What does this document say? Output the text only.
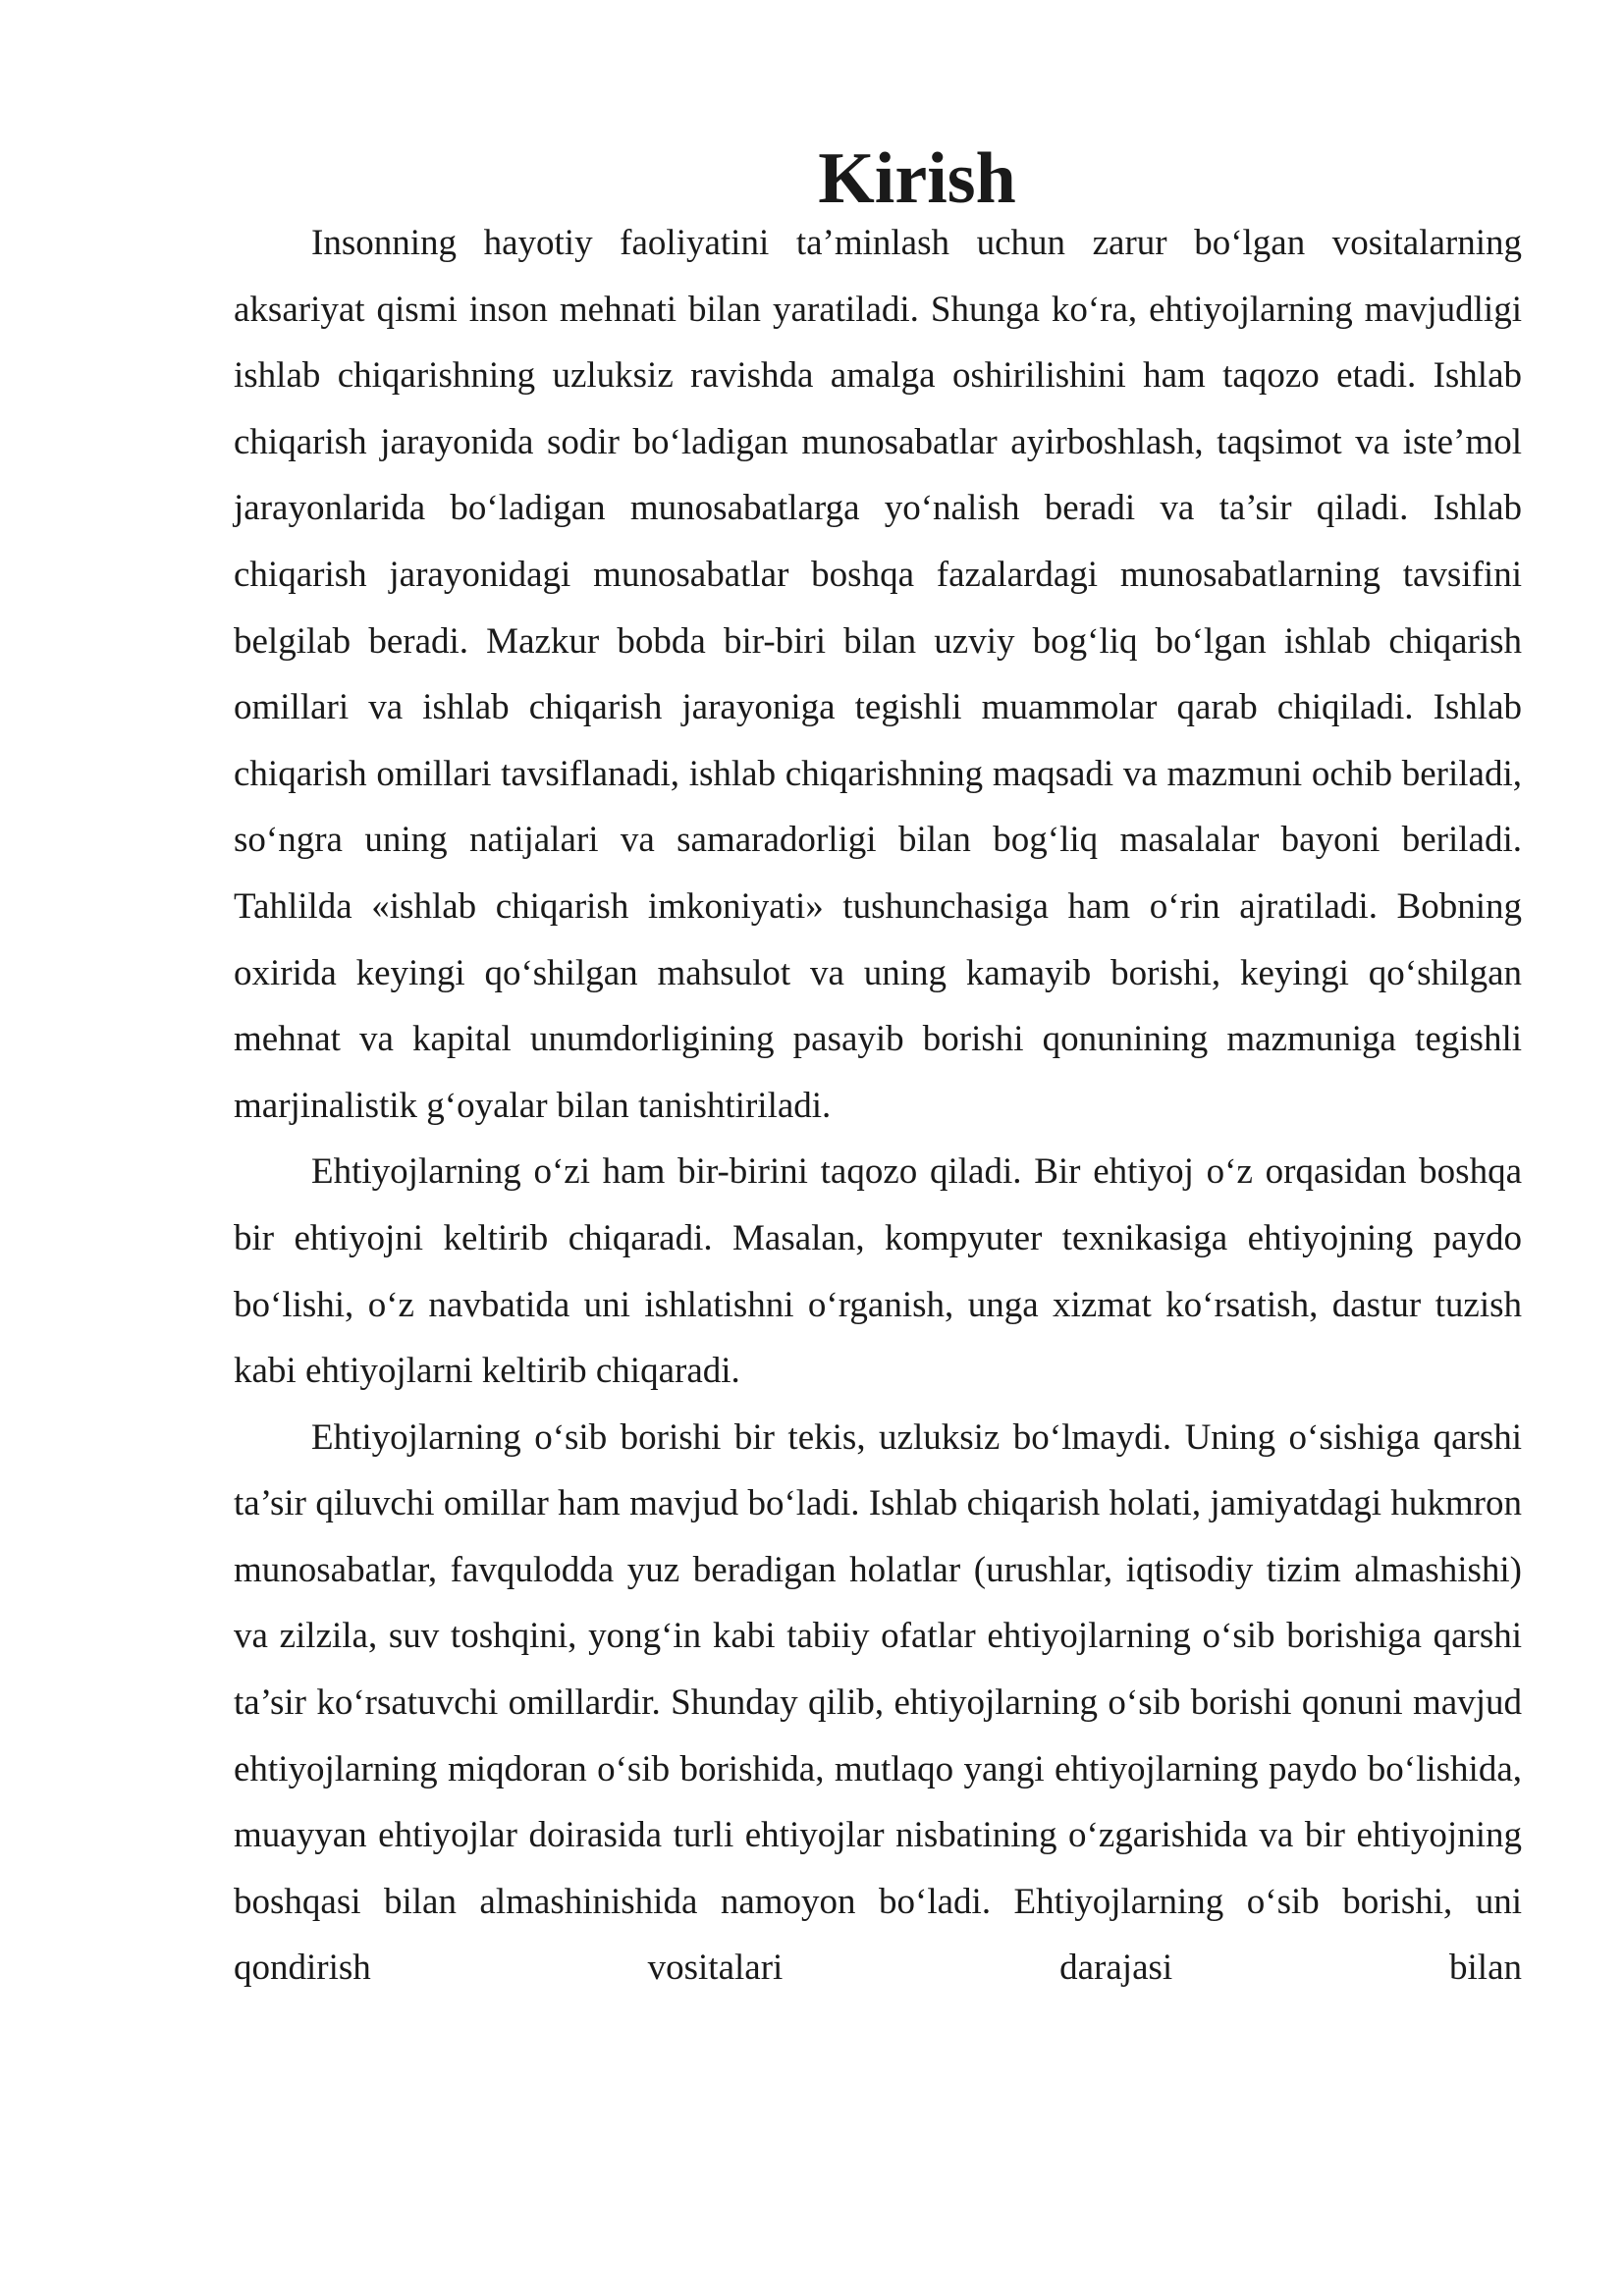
Kirish

Insonning hayotiy faoliyatini ta’minlash uchun zarur bo‘lgan vositalarning aksariyat qismi inson mehnati bilan yaratiladi. Shunga ko‘ra, ehtiyojlarning mavjudligi ishlab chiqarishning uzluksiz ravishda amalga oshirilishini ham taqozo etadi. Ishlab chiqarish jarayonida sodir bo‘ladigan munosabatlar ayirboshlash, taqsimot va iste’mol jarayonlarida bo‘ladigan munosabatlarga yo‘nalish beradi va ta’sir qiladi. Ishlab chiqarish jarayonidagi munosabatlar boshqa fazalardagi munosabatlarning tavsifini belgilab beradi. Mazkur bobda bir-biri bilan uzviy bog‘liq bo‘lgan ishlab chiqarish omillari va ishlab chiqarish jarayoniga tegishli muammolar qarab chiqiladi. Ishlab chiqarish omillari tavsiflanadi, ishlab chiqarishning maqsadi va mazmuni ochib beriladi, so‘ngra uning natijalari va samaradorligi bilan bog‘liq masalalar bayoni beriladi. Tahlilda «ishlab chiqarish imkoniyati» tushunchasiga ham o‘rin ajratiladi. Bobning oxirida keyingi qo‘shilgan mahsulot va uning kamayib borishi, keyingi qo‘shilgan mehnat va kapital unumdorligining pasayib borishi qonunining mazmuniga tegishli marjinalistik g‘oyalar bilan tanishtiriladi.

Ehtiyojlarning o‘zi ham bir-birini taqozo qiladi. Bir ehtiyoj o‘z orqasidan boshqa bir ehtiyojni keltirib chiqaradi. Masalan, kompyuter texnikasiga ehtiyojning paydo bo‘lishi, o‘z navbatida uni ishlatishni o‘rganish, unga xizmat ko‘rsatish, dastur tuzish kabi ehtiyojlarni keltirib chiqaradi.

Ehtiyojlarning o‘sib borishi bir tekis, uzluksiz bo‘lmaydi. Uning o‘sishiga qarshi ta’sir qiluvchi omillar ham mavjud bo‘ladi. Ishlab chiqarish holati, jamiyatdagi hukmron munosabatlar, favqulodda yuz beradigan holatlar (urushlar, iqtisodiy tizim almashishi) va zilzila, suv toshqini, yong‘in kabi tabiiy ofatlar ehtiyojlarning o‘sib borishiga qarshi ta’sir ko‘rsatuvchi omillardir. Shunday qilib, ehtiyojlarning o‘sib borishi qonuni mavjud ehtiyojlarning miqdoran o‘sib borishida, mutlaqo yangi ehtiyojlarning paydo bo‘lishida, muayyan ehtiyojlar doirasida turli ehtiyojlar nisbatining o‘zgarishida va bir ehtiyojning boshqasi bilan almashinishida namoyon bo‘ladi. Ehtiyojlarning o‘sib borishi, uni qondirish vositalari darajasi bilan
